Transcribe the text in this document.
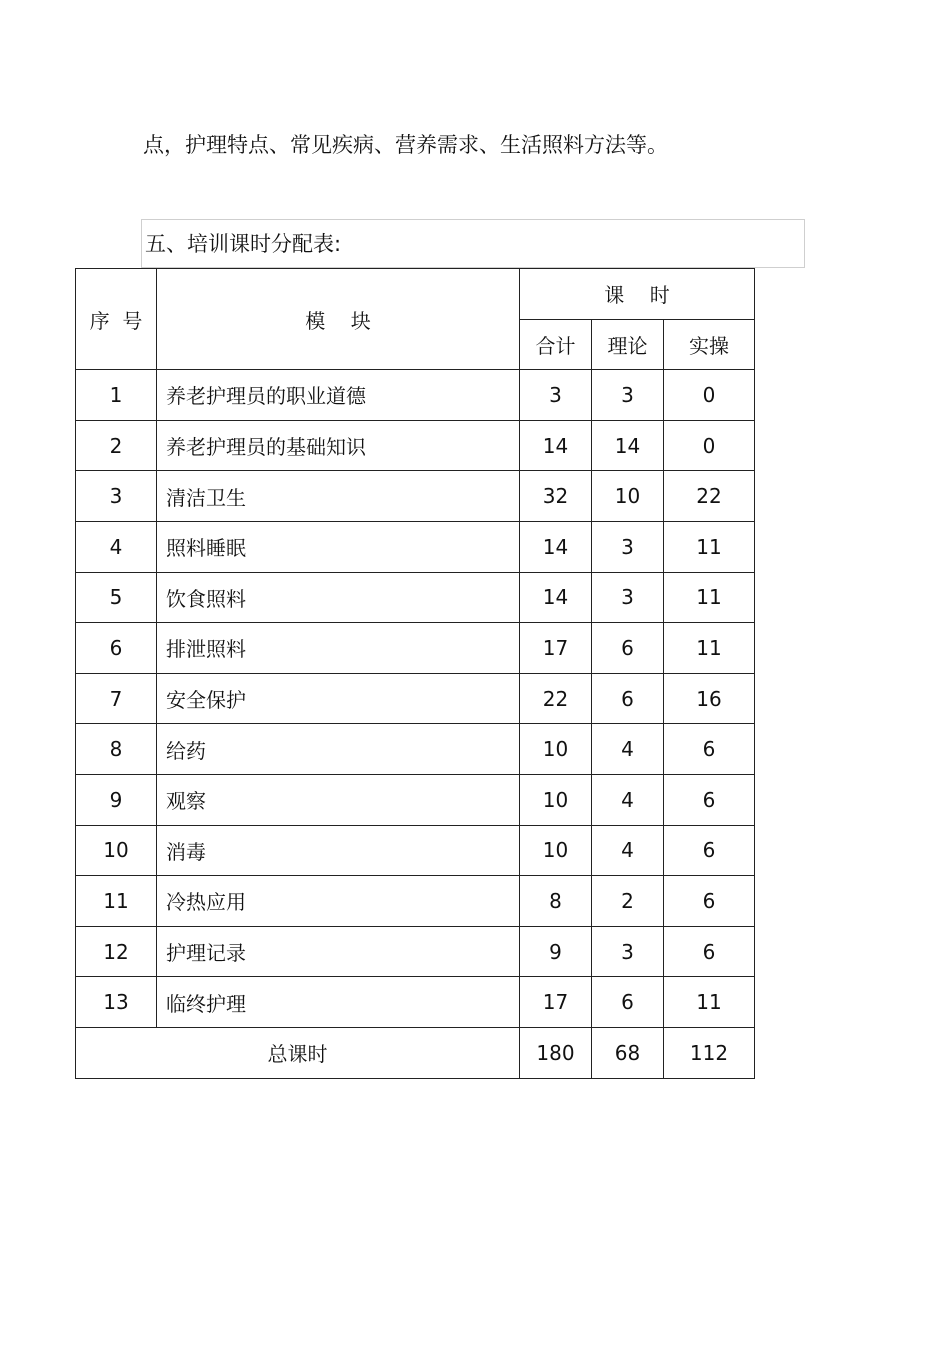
点，护理特点、常见疾病、营养需求、生活照料方法等。
五、培训课时分配表:
序  号	模    块	课    时		
		合计	理论	实操
1	养老护理员的职业道德	3	3	0
2	养老护理员的基础知识	14	14	0
3	清洁卫生	32	10	22
4	照料睡眠	14	3	11
5	饮食照料	14	3	11
6	排泄照料	17	6	11
7	安全保护	22	6	16
8	给药	10	4	6
9	观察	10	4	6
10	消毒	10	4	6
11	冷热应用	8	2	6
12	护理记录	9	3	6
13	临终护理	17	6	11
总课时		180	68	112
